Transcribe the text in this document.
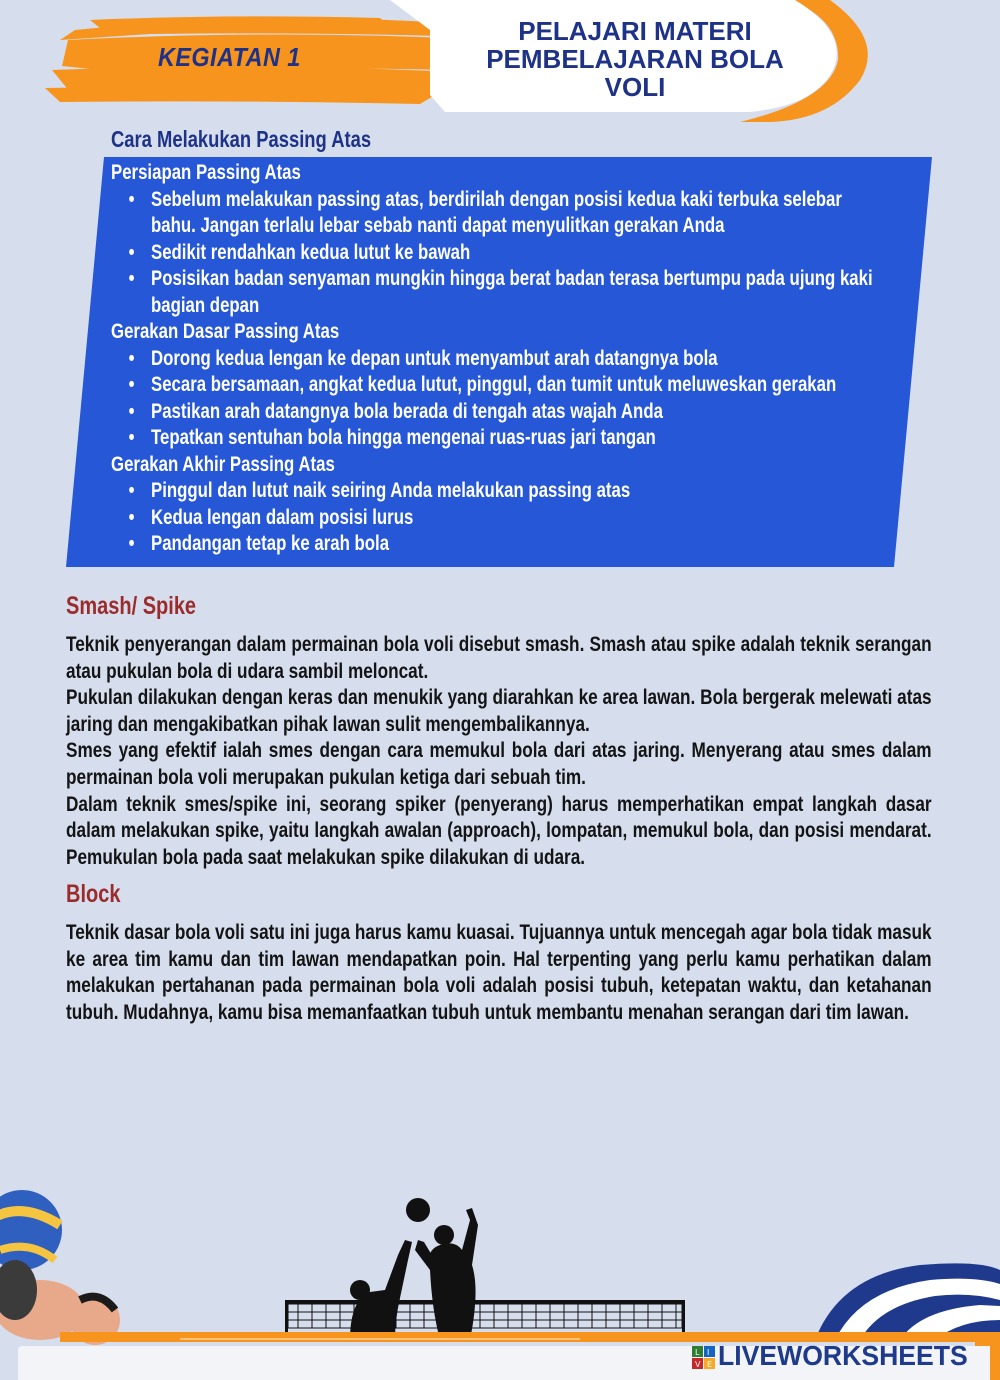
KEGIATAN 1
PELAJARI MATERI
PEMBELAJARAN BOLA
VOLI
Cara Melakukan Passing Atas
Persiapan Passing Atas
• Sebelum melakukan passing atas, berdirilah dengan posisi kedua kaki terbuka selebar bahu. Jangan terlalu lebar sebab nanti dapat menyulitkan gerakan Anda
• Sedikit rendahkan kedua lutut ke bawah
• Posisikan badan senyaman mungkin hingga berat badan terasa bertumpu pada ujung kaki bagian depan
Gerakan Dasar Passing Atas
• Dorong kedua lengan ke depan untuk menyambut arah datangnya bola
• Secara bersamaan, angkat kedua lutut, pinggul, dan tumit untuk meluweskan gerakan
• Pastikan arah datangnya bola berada di tengah atas wajah Anda
• Tepatkan sentuhan bola hingga mengenai ruas-ruas jari tangan
Gerakan Akhir Passing Atas
• Pinggul dan lutut naik seiring Anda melakukan passing atas
• Kedua lengan dalam posisi lurus
• Pandangan tetap ke arah bola
Smash/ Spike

Teknik penyerangan dalam permainan bola voli disebut smash. Smash atau spike adalah teknik serangan atau pukulan bola di udara sambil meloncat.

Pukulan dilakukan dengan keras dan menukik yang diarahkan ke area lawan. Bola bergerak melewati atas jaring dan mengakibatkan pihak lawan sulit mengembalikannya.

Smes yang efektif ialah smes dengan cara memukul bola dari atas jaring. Menyerang atau smes dalam permainan bola voli merupakan pukulan ketiga dari sebuah tim.

Dalam teknik smes/spike ini, seorang spiker (penyerang) harus memperhatikan empat langkah dasar dalam melakukan spike, yaitu langkah awalan (approach), lompatan, memukul bola, dan posisi mendarat. Pemukulan bola pada saat melakukan spike dilakukan di udara.

Block

Teknik dasar bola voli satu ini juga harus kamu kuasai. Tujuannya untuk mencegah agar bola tidak masuk ke area tim kamu dan tim lawan mendapatkan poin. Hal terpenting yang perlu kamu perhatikan dalam melakukan pertahanan pada permainan bola voli adalah posisi tubuh, ketepatan waktu, dan ketahanan tubuh. Mudahnya, kamu bisa memanfaatkan tubuh untuk membantu menahan serangan dari tim lawan.

L I
V E LIVEWORKSHEETS
